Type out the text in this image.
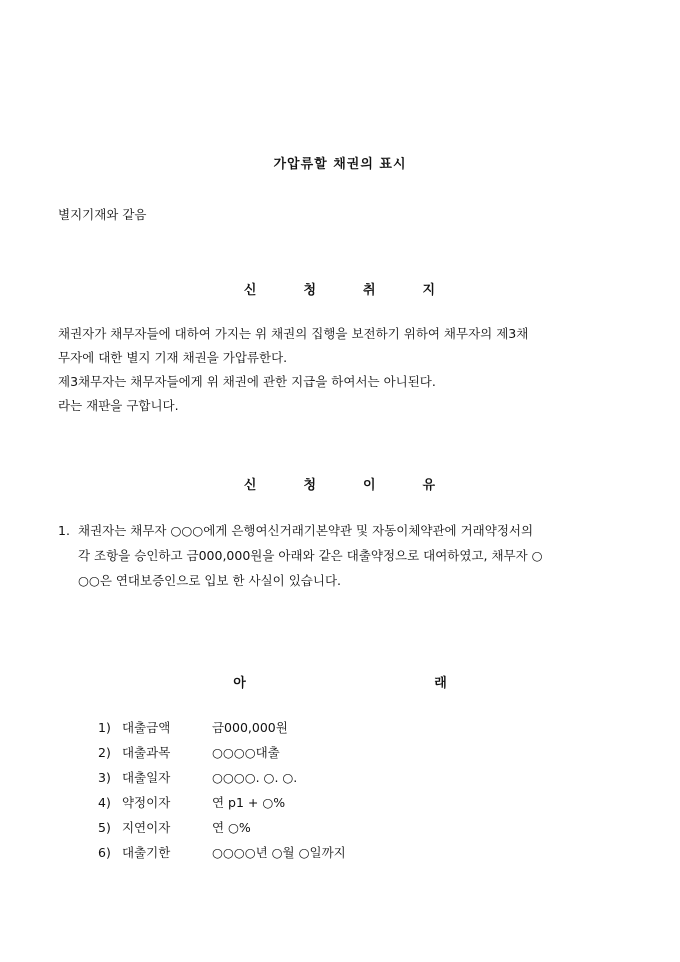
가압류할 채권의 표시
별지기재와 같음
신	청	취	지

채권자가 채무자들에 대하여 가지는 위 채권의 집행을 보전하기 위하여 채무자의 제3채

무자에 대한 별지 기재 채권을 가압류한다.

제3채무자는 채무자들에게 위 채권에 관한 지급을 하여서는 아니된다.

라는 재판을 구합니다.

신	청	이	유
1. 채권자는 채무자 ○○○에게 은행여신거래기본약관 및 자동이체약관에 거래약정서의

각 조항을 승인하고 금000,000원을 아래와 같은 대출약정으로 대여하였고, 채무자 ○

○○은 연대보증인으로 입보 한 사실이 있습니다.

아	래
1) 대출금액	금000,000원
2) 대출과목	○○○○대출
3) 대출일자	○○○○. ○. ○.
4) 약정이자	연 p1 + ○%
5) 지연이자	연 ○%
6) 대출기한	○○○○년 ○월 ○일까지
